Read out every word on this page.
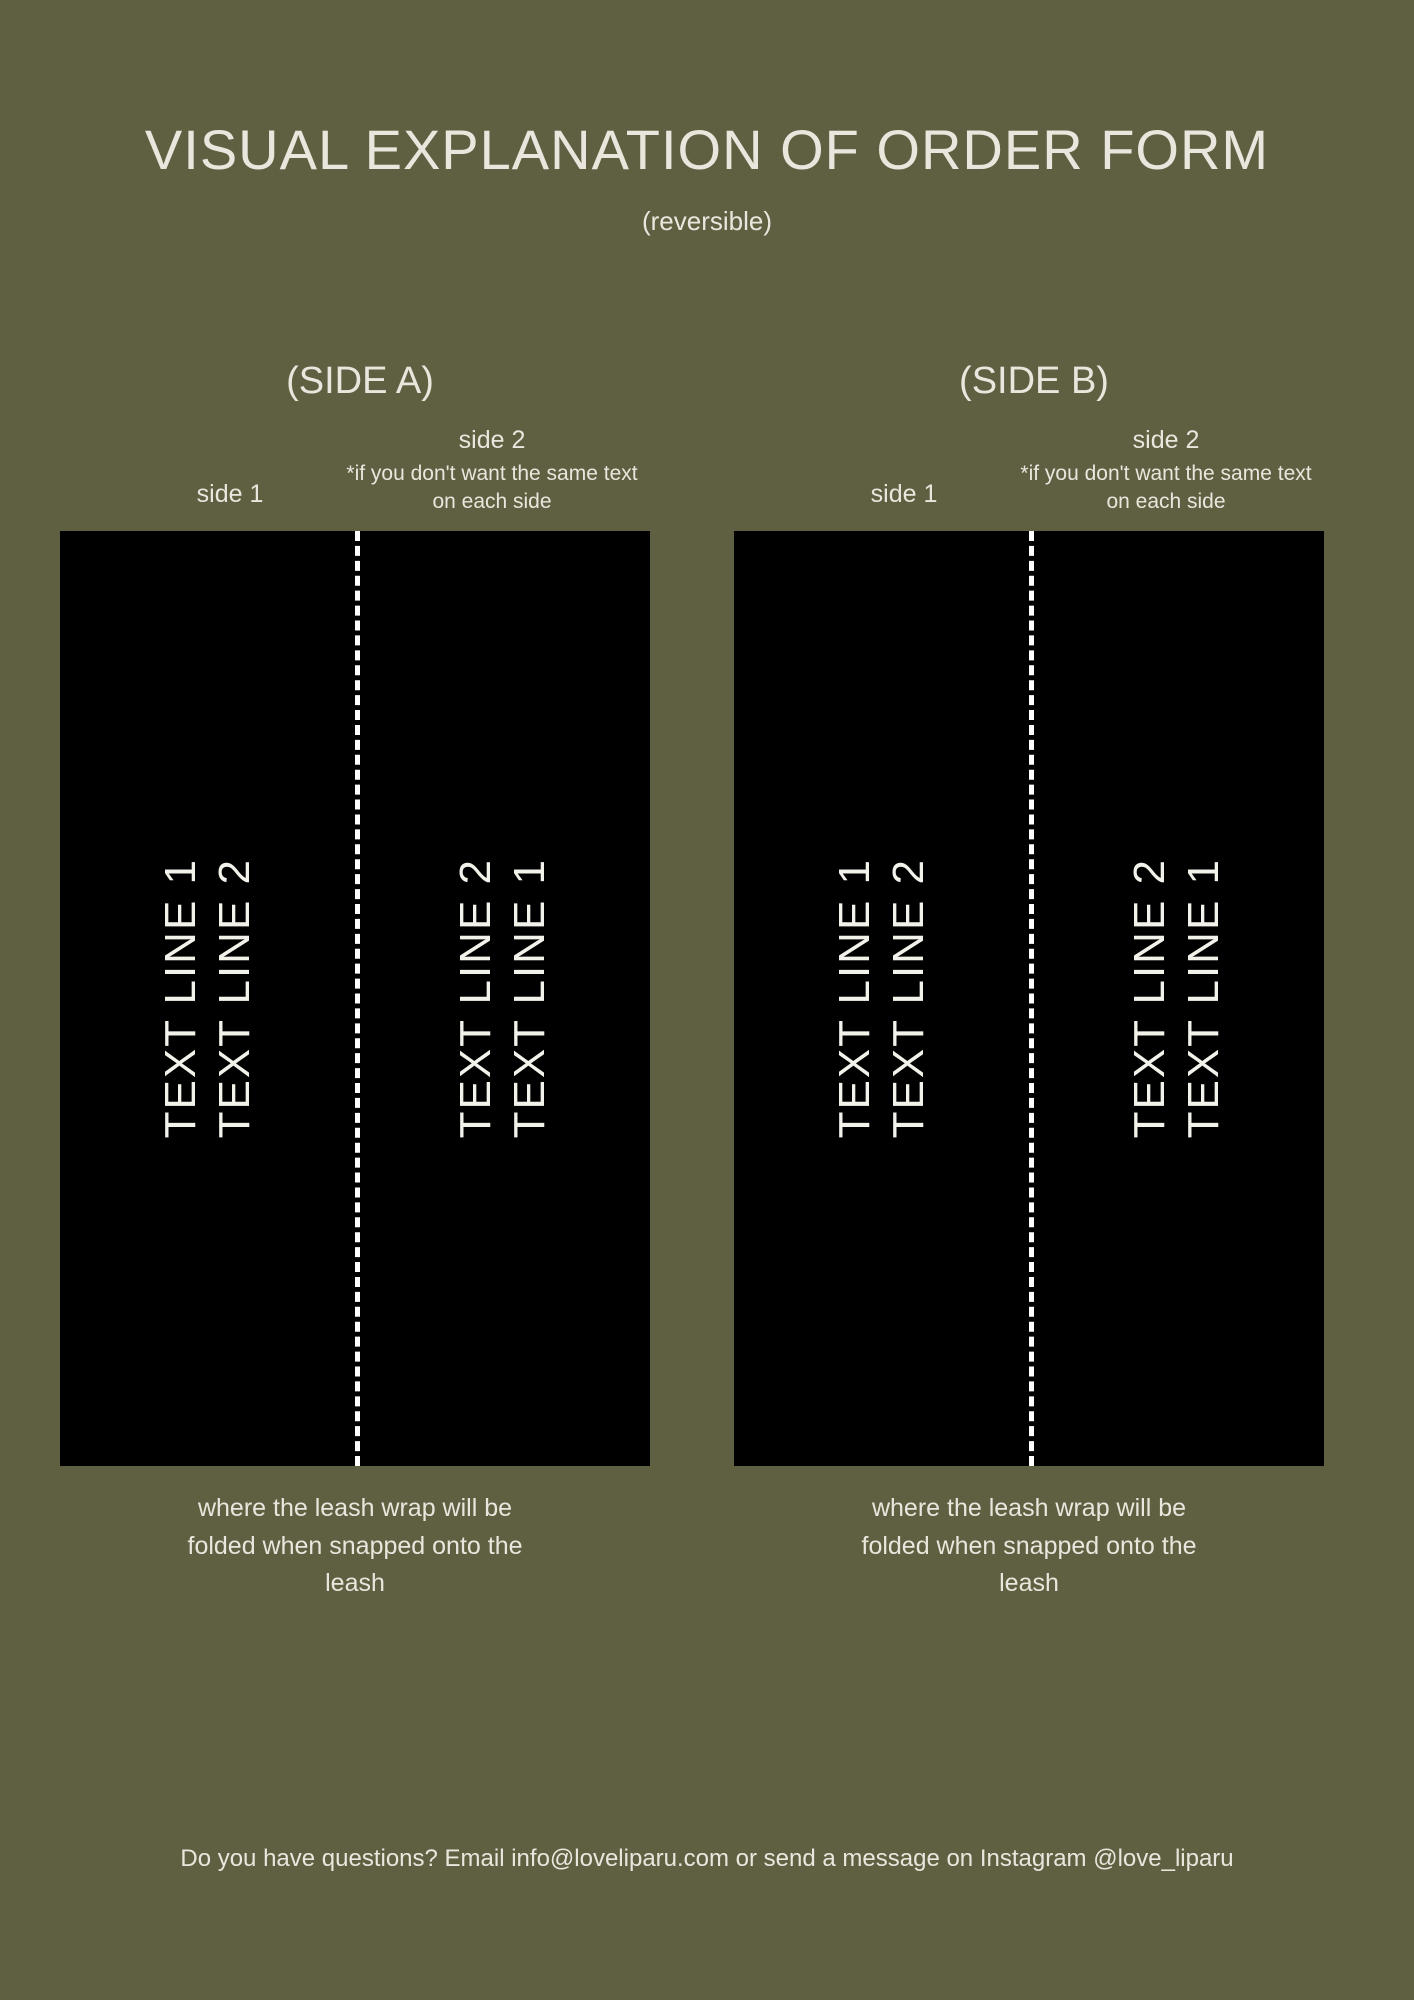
VISUAL EXPLANATION OF ORDER FORM
(reversible)
(SIDE A)
side 1
side 2
*if you don't want the same text on each side
TEXT LINE 1 TEXT LINE 2	TEXT LINE 1
TEXT LINE 2
where the leash wrap will be folded when snapped onto the leash
(SIDE B)
side 1
side 2
*if you don't want the same text on each side
TEXT LINE 1 TEXT LINE 2	TEXT LINE 1
TEXT LINE 2
where the leash wrap will be folded when snapped onto the leash
Do you have questions? Email info@loveliparu.com or send a message on Instagram @love_liparu
